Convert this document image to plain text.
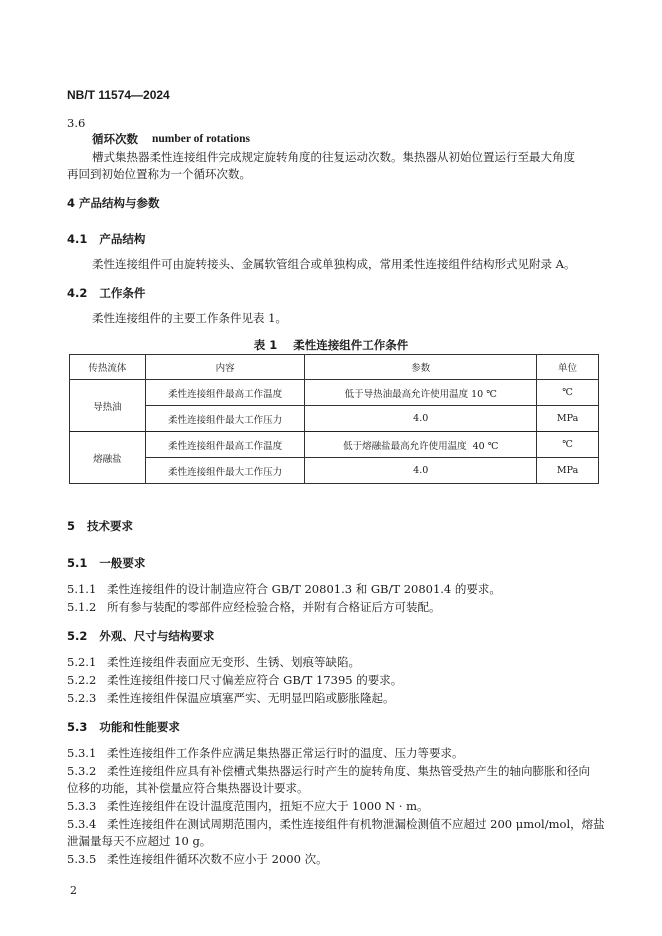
NB/T 11574—2024
3.6
循环次数 number of rotations
槽式集热器柔性连接组件完成规定旋转角度的往复运动次数。集热器从初始位置运行至最大角度
再回到初始位置称为一个循环次数。
4 产品结构与参数
4.1   产品结构
柔性连接组件可由旋转接头、金属软管组合或单独构成，常用柔性连接组件结构形式见附录 A。
4.2   工作条件
柔性连接组件的主要工作条件见表 1。
表 1    柔性连接组件工作条件
传热流体	内容	参数	单位
导热油	柔性连接组件最高工作温度	低于导热油最高允许使用温度 10 ℃	℃
	柔性连接组件最大工作压力	4.0	MPa
熔融盐	柔性连接组件最高工作温度	低于熔融盐最高允许使用温度  40 ℃	℃
	柔性连接组件最大工作压力	4.0	MPa
5   技术要求
5.1   一般要求
5.1.1 柔性连接组件的设计制造应符合 GB/T 20801.3 和 GB/T 20801.4 的要求。
5.1.2 所有参与装配的零部件应经检验合格，并附有合格证后方可装配。
5.2   外观、尺寸与结构要求
5.2.1 柔性连接组件表面应无变形、生锈、划痕等缺陷。
5.2.2 柔性连接组件接口尺寸偏差应符合 GB/T 17395 的要求。
5.2.3 柔性连接组件保温应填塞严实、无明显凹陷或膨胀隆起。
5.3   功能和性能要求
5.3.1 柔性连接组件工作条件应满足集热器正常运行时的温度、压力等要求。
5.3.2 柔性连接组件应具有补偿槽式集热器运行时产生的旋转角度、集热管受热产生的轴向膨胀和径向
位移的功能，其补偿量应符合集热器设计要求。
5.3.3 柔性连接组件在设计温度范围内，扭矩不应大于 1000 N · m。
5.3.4 柔性连接组件在测试周期范围内，柔性连接组件有机物泄漏检测值不应超过 200 μmol/mol，熔盐
泄漏量每天不应超过 10 g。
5.3.5 柔性连接组件循环次数不应小于 2000 次。
2
